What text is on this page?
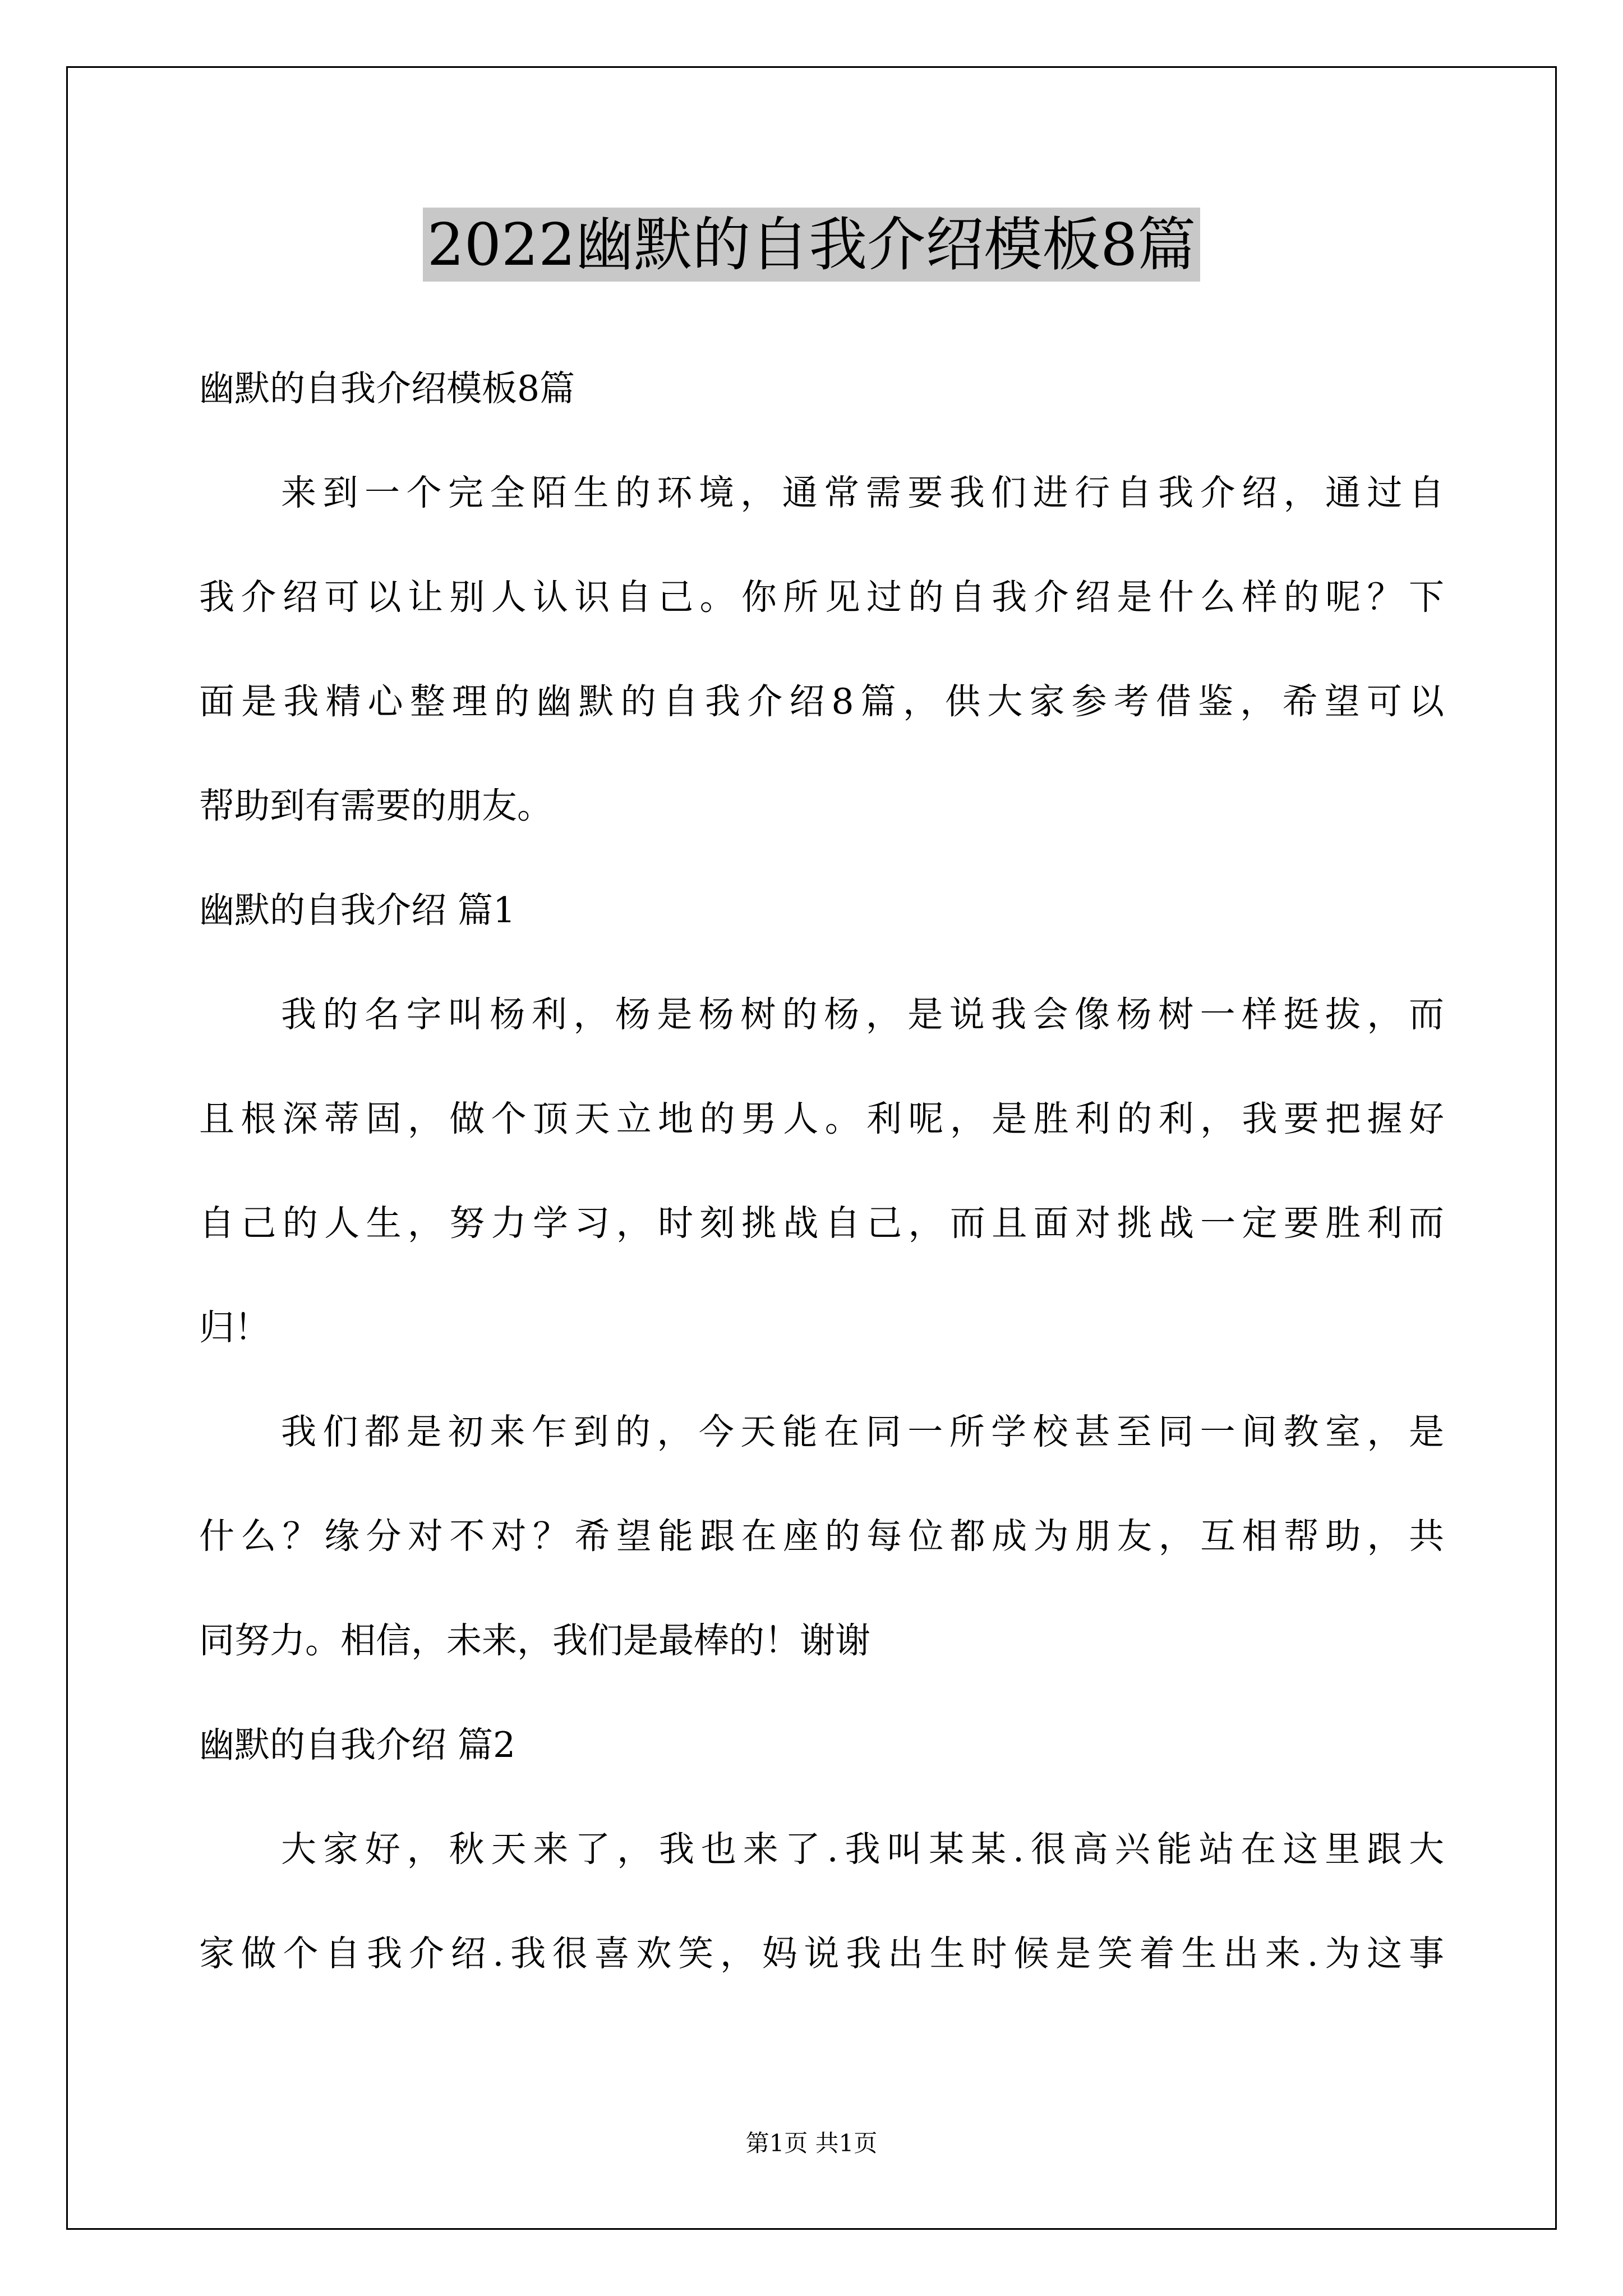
2022幽默的自我介绍模板8篇
幽默的自我介绍模板8篇
来到一个完全陌生的环境，通常需要我们进行自我介绍，通过自
我介绍可以让别人认识自己。你所见过的自我介绍是什么样的呢？下
面是我精心整理的幽默的自我介绍8篇，供大家参考借鉴，希望可以
帮助到有需要的朋友。
幽默的自我介绍 篇1
我的名字叫杨利，杨是杨树的杨，是说我会像杨树一样挺拔，而
且根深蒂固，做个顶天立地的男人。利呢，是胜利的利，我要把握好
自己的人生，努力学习，时刻挑战自己，而且面对挑战一定要胜利而
归！
我们都是初来乍到的，今天能在同一所学校甚至同一间教室，是
什么？缘分对不对？希望能跟在座的每位都成为朋友，互相帮助，共
同努力。相信，未来，我们是最棒的！谢谢
幽默的自我介绍 篇2
大家好，秋天来了，我也来了.我叫某某.很高兴能站在这里跟大
家做个自我介绍.我很喜欢笑，妈说我出生时候是笑着生出来.为这事
第1页 共1页
